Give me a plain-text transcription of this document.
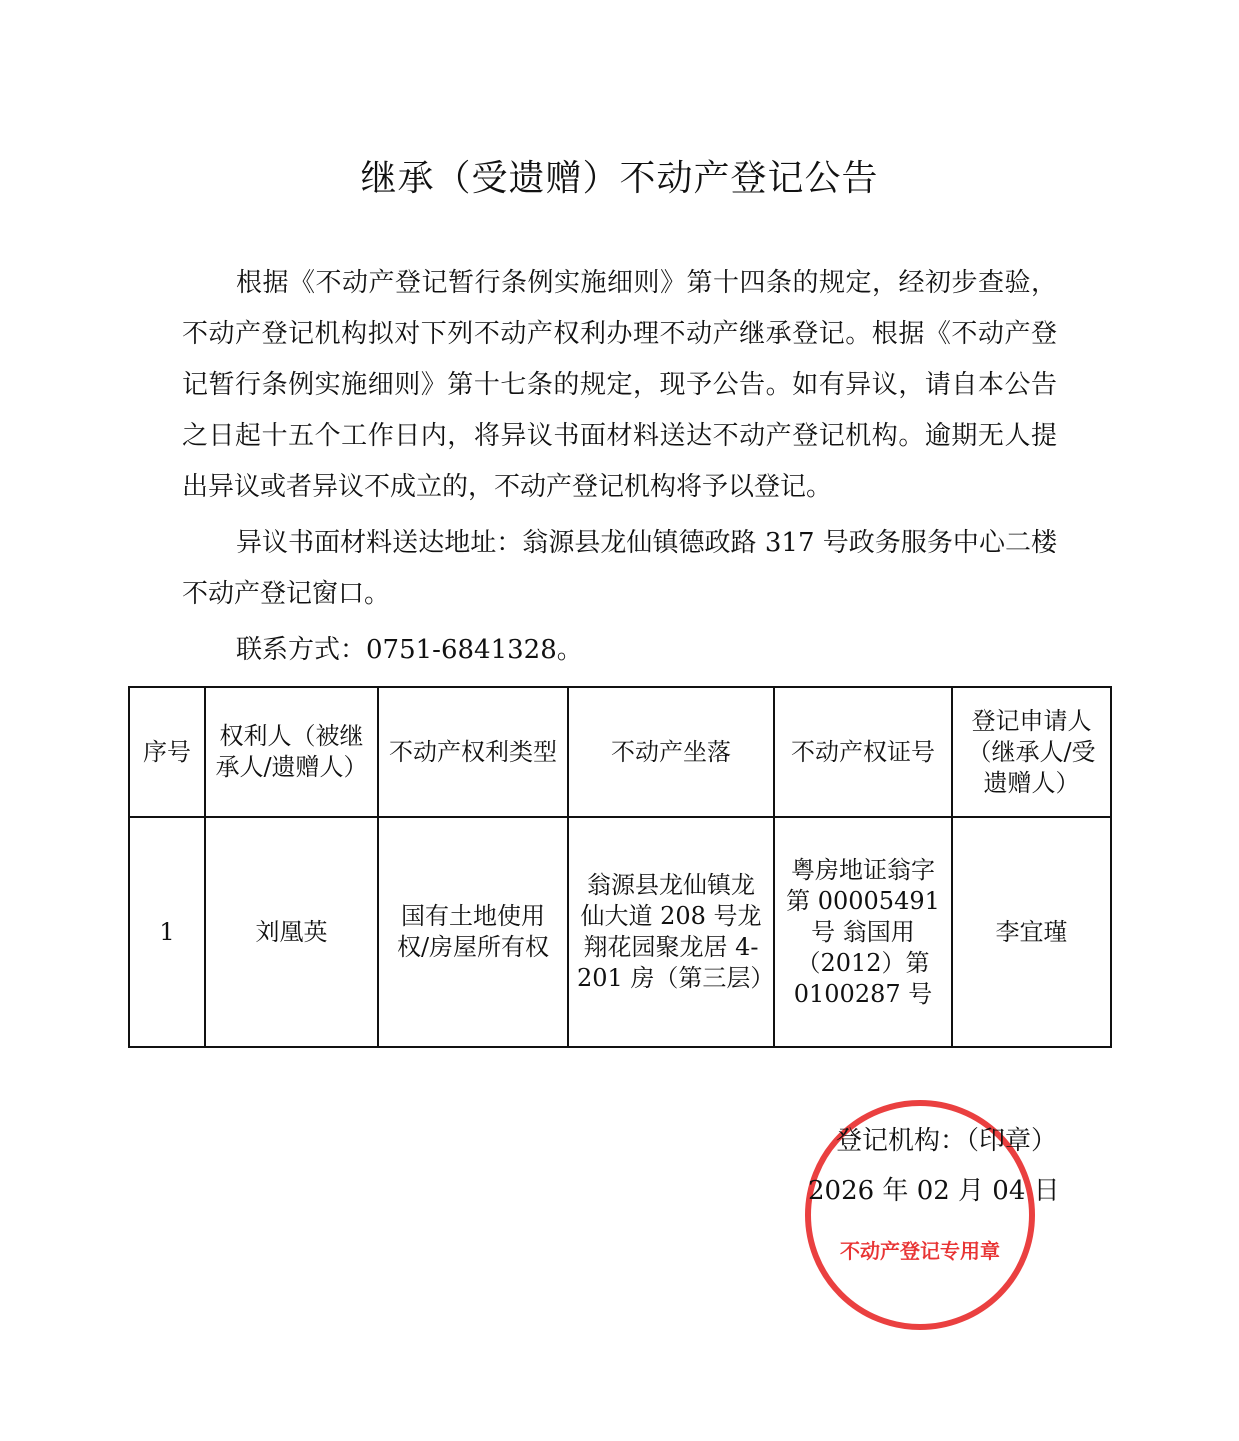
继承（受遗赠）不动产登记公告
根据《不动产登记暂行条例实施细则》第十四条的规定，经初步查验，不动产登记机构拟对下列不动产权利办理不动产继承登记。根据《不动产登记暂行条例实施细则》第十七条的规定，现予公告。如有异议，请自本公告之日起十五个工作日内，将异议书面材料送达不动产登记机构。逾期无人提出异议或者异议不成立的，不动产登记机构将予以登记。
异议书面材料送达地址：翁源县龙仙镇德政路 317 号政务服务中心二楼不动产登记窗口。
联系方式：0751-6841328。
序号	权利人（被继承人/遗赠人）	不动产权利类型	不动产坐落	不动产权证号	登记申请人（继承人/受遗赠人）
1	刘凰英	国有土地使用权/房屋所有权	翁源县龙仙镇龙仙大道 208 号龙翔花园聚龙居 4-201 房（第三层）	粤房地证翁字第 00005491 号 翁国用（2012）第 0100287 号	李宜瑾
不动产登记专用章
登记机构：（印章）
2026 年 02 月 04 日
